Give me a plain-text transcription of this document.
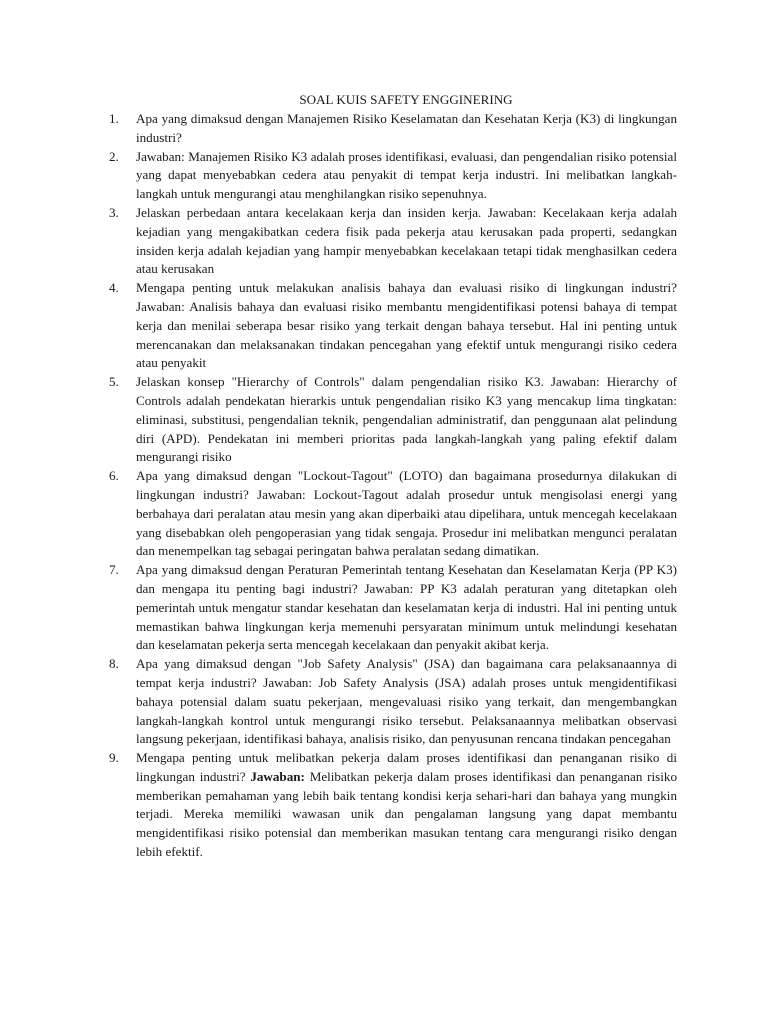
SOAL KUIS SAFETY ENGGINERING
1. Apa yang dimaksud dengan Manajemen Risiko Keselamatan dan Kesehatan Kerja (K3) di lingkungan industri?
2. Jawaban: Manajemen Risiko K3 adalah proses identifikasi, evaluasi, dan pengendalian risiko potensial yang dapat menyebabkan cedera atau penyakit di tempat kerja industri. Ini melibatkan langkah-langkah untuk mengurangi atau menghilangkan risiko sepenuhnya.
3. Jelaskan perbedaan antara kecelakaan kerja dan insiden kerja. Jawaban: Kecelakaan kerja adalah kejadian yang mengakibatkan cedera fisik pada pekerja atau kerusakan pada properti, sedangkan insiden kerja adalah kejadian yang hampir menyebabkan kecelakaan tetapi tidak menghasilkan cedera atau kerusakan
4. Mengapa penting untuk melakukan analisis bahaya dan evaluasi risiko di lingkungan industri? Jawaban: Analisis bahaya dan evaluasi risiko membantu mengidentifikasi potensi bahaya di tempat kerja dan menilai seberapa besar risiko yang terkait dengan bahaya tersebut. Hal ini penting untuk merencanakan dan melaksanakan tindakan pencegahan yang efektif untuk mengurangi risiko cedera atau penyakit
5. Jelaskan konsep "Hierarchy of Controls" dalam pengendalian risiko K3. Jawaban: Hierarchy of Controls adalah pendekatan hierarkis untuk pengendalian risiko K3 yang mencakup lima tingkatan: eliminasi, substitusi, pengendalian teknik, pengendalian administratif, dan penggunaan alat pelindung diri (APD). Pendekatan ini memberi prioritas pada langkah-langkah yang paling efektif dalam mengurangi risiko
6. Apa yang dimaksud dengan "Lockout-Tagout" (LOTO) dan bagaimana prosedurnya dilakukan di lingkungan industri? Jawaban: Lockout-Tagout adalah prosedur untuk mengisolasi energi yang berbahaya dari peralatan atau mesin yang akan diperbaiki atau dipelihara, untuk mencegah kecelakaan yang disebabkan oleh pengoperasian yang tidak sengaja. Prosedur ini melibatkan mengunci peralatan dan menempelkan tag sebagai peringatan bahwa peralatan sedang dimatikan.
7. Apa yang dimaksud dengan Peraturan Pemerintah tentang Kesehatan dan Keselamatan Kerja (PP K3) dan mengapa itu penting bagi industri? Jawaban: PP K3 adalah peraturan yang ditetapkan oleh pemerintah untuk mengatur standar kesehatan dan keselamatan kerja di industri. Hal ini penting untuk memastikan bahwa lingkungan kerja memenuhi persyaratan minimum untuk melindungi kesehatan dan keselamatan pekerja serta mencegah kecelakaan dan penyakit akibat kerja.
8. Apa yang dimaksud dengan "Job Safety Analysis" (JSA) dan bagaimana cara pelaksanaannya di tempat kerja industri? Jawaban: Job Safety Analysis (JSA) adalah proses untuk mengidentifikasi bahaya potensial dalam suatu pekerjaan, mengevaluasi risiko yang terkait, dan mengembangkan langkah-langkah kontrol untuk mengurangi risiko tersebut. Pelaksanaannya melibatkan observasi langsung pekerjaan, identifikasi bahaya, analisis risiko, dan penyusunan rencana tindakan pencegahan
9. Mengapa penting untuk melibatkan pekerja dalam proses identifikasi dan penanganan risiko di lingkungan industri? Jawaban: Melibatkan pekerja dalam proses identifikasi dan penanganan risiko memberikan pemahaman yang lebih baik tentang kondisi kerja sehari-hari dan bahaya yang mungkin terjadi. Mereka memiliki wawasan unik dan pengalaman langsung yang dapat membantu mengidentifikasi risiko potensial dan memberikan masukan tentang cara mengurangi risiko dengan lebih efektif.
